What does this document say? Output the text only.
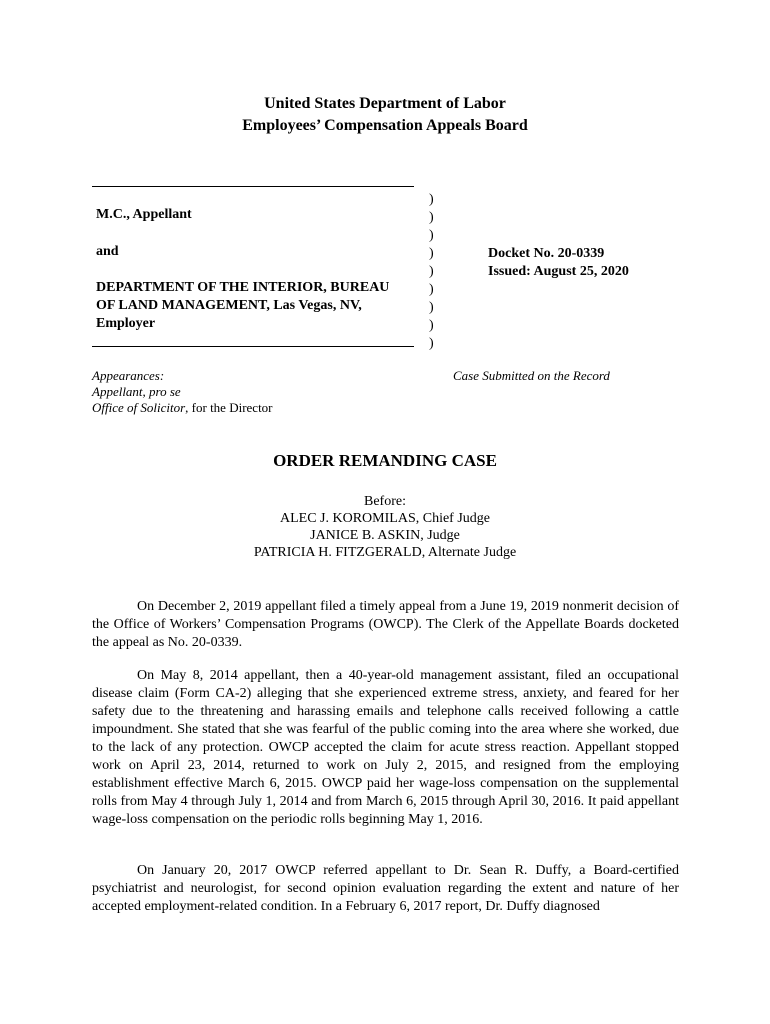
United States Department of Labor
Employees’ Compensation Appeals Board
M.C., Appellant
and
DEPARTMENT OF THE INTERIOR, BUREAU
OF LAND MANAGEMENT, Las Vegas, NV,
Employer
)
)
)
)
)
)
)
)
)
Docket No. 20-0339
Issued: August 25, 2020
Appearances:
Appellant, pro se
Office of Solicitor, for the Director
Case Submitted on the Record
ORDER REMANDING CASE
Before:
ALEC J. KOROMILAS, Chief Judge
JANICE B. ASKIN, Judge
PATRICIA H. FITZGERALD, Alternate Judge
On December 2, 2019 appellant filed a timely appeal from a June 19, 2019 nonmerit decision of the Office of Workers’ Compensation Programs (OWCP). The Clerk of the Appellate Boards docketed the appeal as No. 20-0339.
On May 8, 2014 appellant, then a 40-year-old management assistant, filed an occupational disease claim (Form CA-2) alleging that she experienced extreme stress, anxiety, and feared for her safety due to the threatening and harassing emails and telephone calls received following a cattle impoundment. She stated that she was fearful of the public coming into the area where she worked, due to the lack of any protection. OWCP accepted the claim for acute stress reaction. Appellant stopped work on April 23, 2014, returned to work on July 2, 2015, and resigned from the employing establishment effective March 6, 2015. OWCP paid her wage-loss compensation on the supplemental rolls from May 4 through July 1, 2014 and from March 6, 2015 through April 30, 2016. It paid appellant wage-loss compensation on the periodic rolls beginning May 1, 2016.
On January 20, 2017 OWCP referred appellant to Dr. Sean R. Duffy, a Board-certified psychiatrist and neurologist, for second opinion evaluation regarding the extent and nature of her accepted employment-related condition. In a February 6, 2017 report, Dr. Duffy diagnosed
